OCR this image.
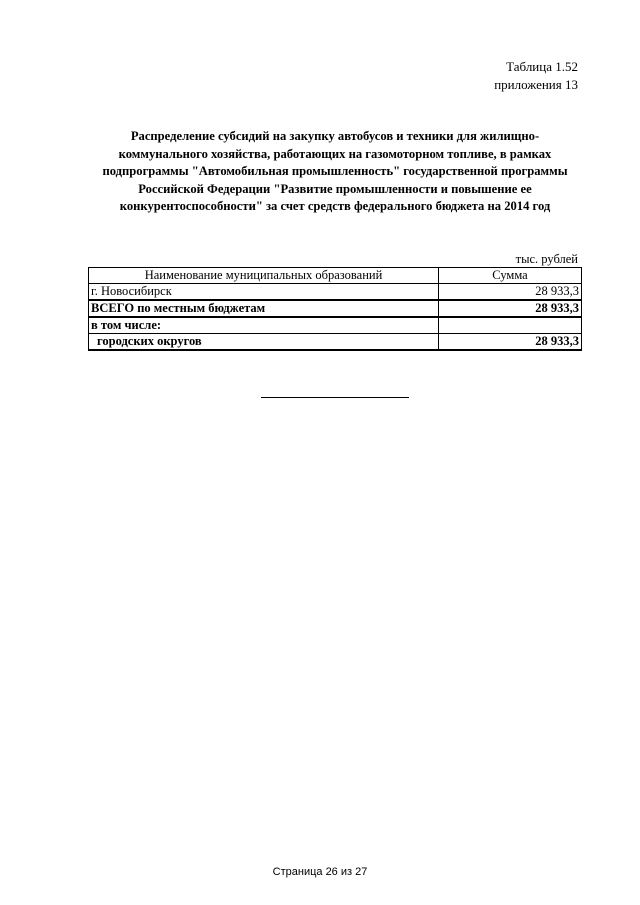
Таблица 1.52
приложения 13
Распределение субсидий на закупку автобусов и техники для жилищно-
коммунального хозяйства, работающих на газомоторном топливе, в рамках
подпрограммы "Автомобильная промышленность" государственной программы
Российской Федерации "Развитие промышленности и повышение ее
конкурентоспособности" за счет средств федерального бюджета на 2014 год
тыс. рублей
Наименование муниципальных образований	Сумма
г. Новосибирск	28 933,3
ВСЕГО по местным бюджетам	28 933,3
в том числе:	
городских округов	28 933,3
Страница 26 из 27
